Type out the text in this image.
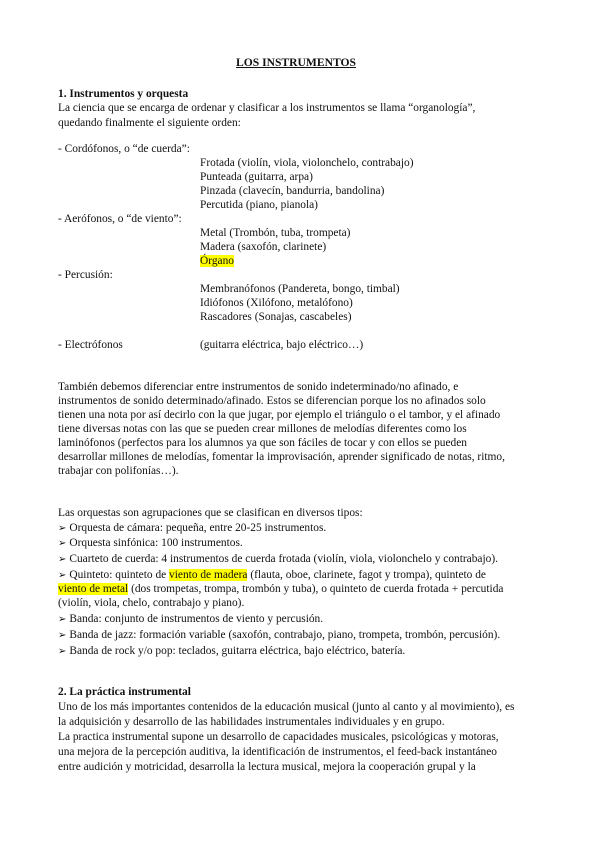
LOS INSTRUMENTOS
1. Instrumentos y orquesta
La ciencia que se encarga de ordenar y clasificar a los instrumentos se llama “organología”,
quedando finalmente el siguiente orden:
- Cordófonos, o “de cuerda”:
Frotada (violín, viola, violonchelo, contrabajo)
Punteada (guitarra, arpa)
Pinzada (clavecín, bandurria, bandolina)
Percutida (piano, pianola)
- Aerófonos, o “de viento”:
Metal (Trombón, tuba, trompeta)
Madera (saxofón, clarinete)
Órgano
- Percusión:
Membranófonos (Pandereta, bongo, timbal)
Idiófonos (Xilófono, metalófono)
Rascadores (Sonajas, cascabeles)
- Electrófonos	(guitarra eléctrica, bajo eléctrico…)
También debemos diferenciar entre instrumentos de sonido indeterminado/no afinado, e
instrumentos de sonido determinado/afinado. Estos se diferencian porque los no afinados solo
tienen una nota por así decirlo con la que jugar, por ejemplo el triángulo o el tambor, y el afinado
tiene diversas notas con las que se pueden crear millones de melodías diferentes como los
laminófonos (perfectos para los alumnos ya que son fáciles de tocar y con ellos se pueden
desarrollar millones de melodías, fomentar la improvisación, aprender significado de notas, ritmo,
trabajar con polifonías…).
Las orquestas son agrupaciones que se clasifican en diversos tipos:
➢ Orquesta de cámara: pequeña, entre 20-25 instrumentos.
➢ Orquesta sinfónica: 100 instrumentos.
➢ Cuarteto de cuerda: 4 instrumentos de cuerda frotada (violín, viola, violonchelo y contrabajo).
➢ Quinteto: quinteto de viento de madera (flauta, oboe, clarinete, fagot y trompa), quinteto de
viento de metal (dos trompetas, trompa, trombón y tuba), o quinteto de cuerda frotada + percutida
(violín, viola, chelo, contrabajo y piano).
➢ Banda: conjunto de instrumentos de viento y percusión.
➢ Banda de jazz: formación variable (saxofón, contrabajo, piano, trompeta, trombón, percusión).
➢ Banda de rock y/o pop: teclados, guitarra eléctrica, bajo eléctrico, batería.
2. La práctica instrumental
Uno de los más importantes contenidos de la educación musical (junto al canto y al movimiento), es
la adquisición y desarrollo de las habilidades instrumentales individuales y en grupo.
La practica instrumental supone un desarrollo de capacidades musicales, psicológicas y motoras,
una mejora de la percepción auditiva, la identificación de instrumentos, el feed-back instantáneo
entre audición y motricidad, desarrolla la lectura musical, mejora la cooperación grupal y la
